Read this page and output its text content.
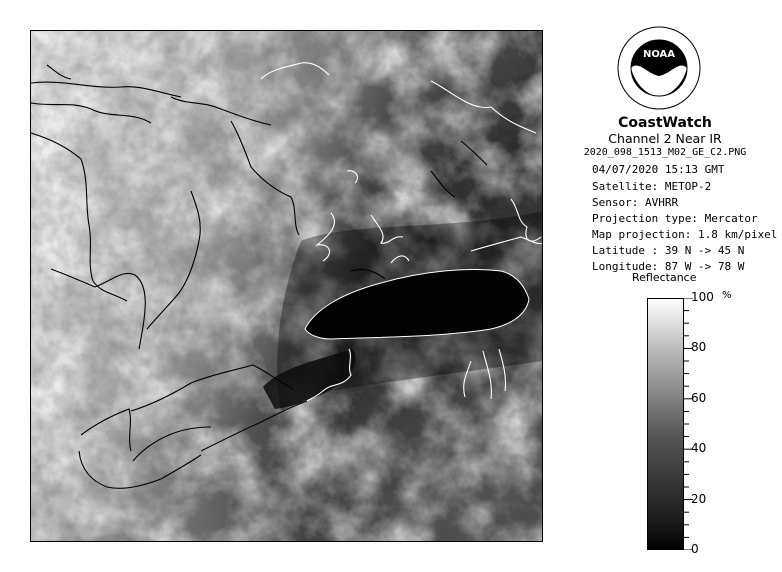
NOAA
CoastWatch
Channel 2 Near IR
2020_098_1513_M02_GE_C2.PNG
04/07/2020 15:13 GMT
Satellite: METOP-2
Sensor: AVHRR
Projection type: Mercator
Map projection: 1.8 km/pixel
Latitude : 39 N -> 45 N
Longitude: 87 W -> 78 W
Reflectance
100
80
60
40
20
0
%
